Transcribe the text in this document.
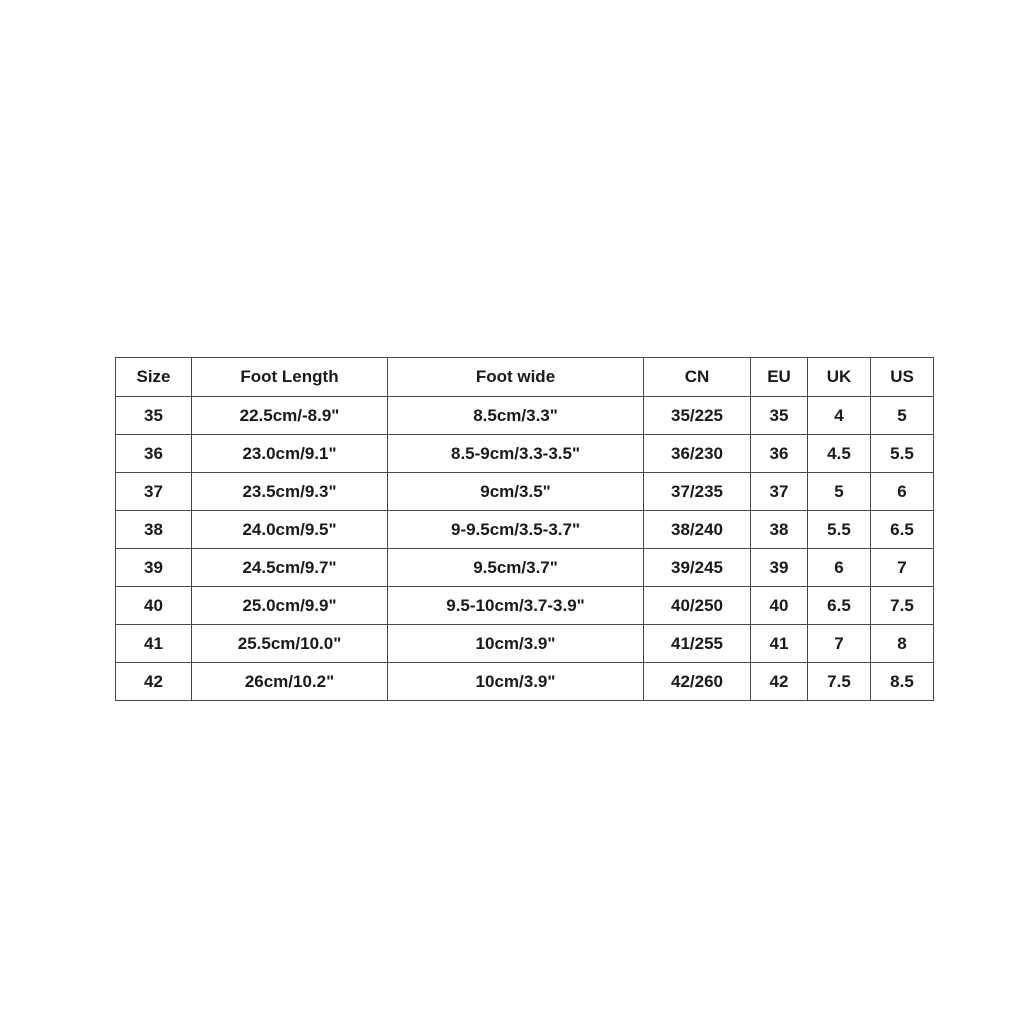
Size	Foot Length	Foot wide	CN	EU	UK	US
35	22.5cm/-8.9"	8.5cm/3.3"	35/225	35	4	5
36	23.0cm/9.1"	8.5-9cm/3.3-3.5"	36/230	36	4.5	5.5
37	23.5cm/9.3"	9cm/3.5"	37/235	37	5	6
38	24.0cm/9.5"	9-9.5cm/3.5-3.7"	38/240	38	5.5	6.5
39	24.5cm/9.7"	9.5cm/3.7"	39/245	39	6	7
40	25.0cm/9.9"	9.5-10cm/3.7-3.9"	40/250	40	6.5	7.5
41	25.5cm/10.0"	10cm/3.9"	41/255	41	7	8
42	26cm/10.2"	10cm/3.9"	42/260	42	7.5	8.5
